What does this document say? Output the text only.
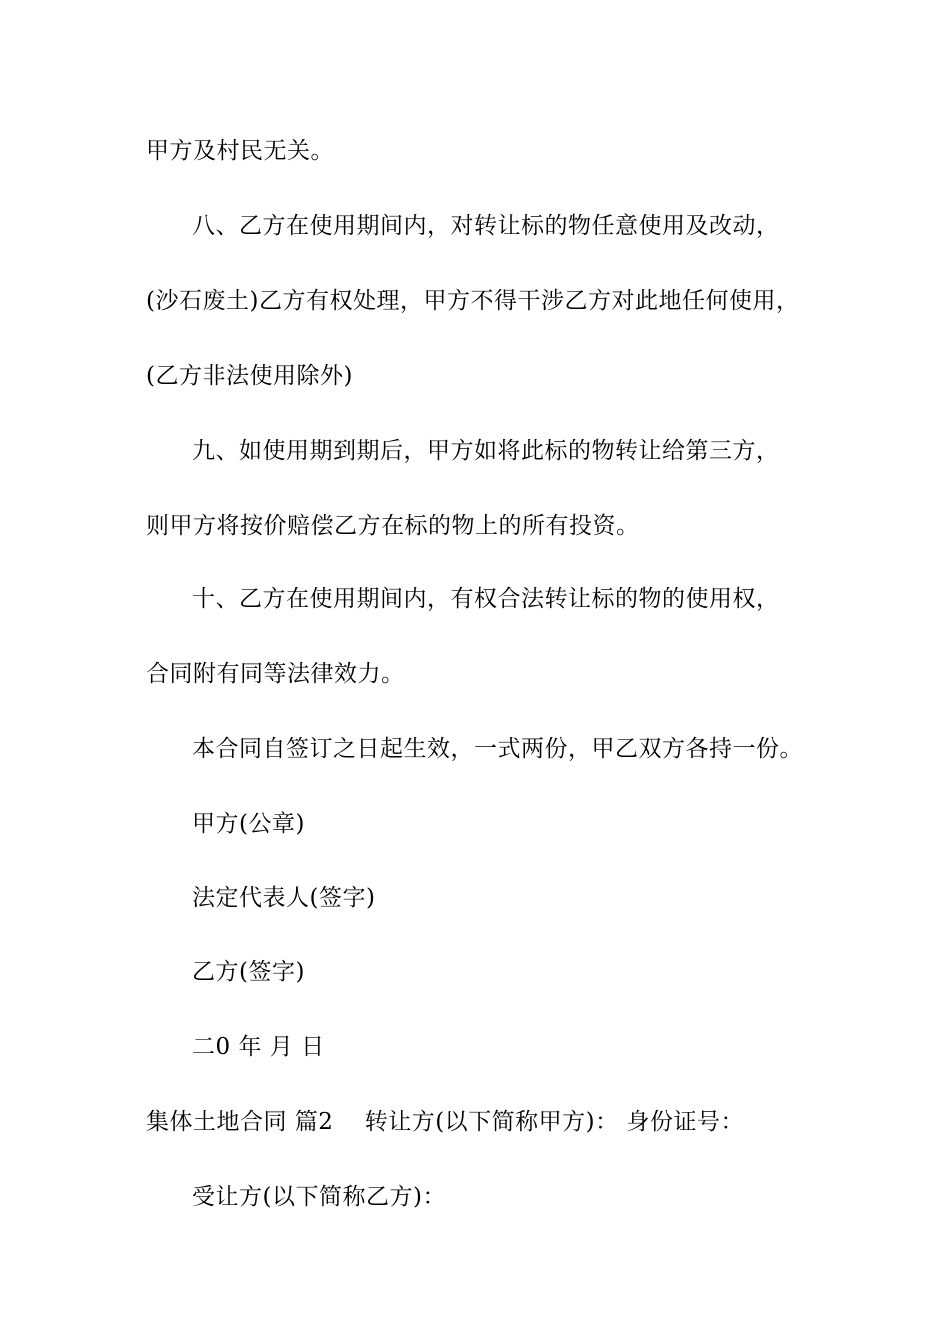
甲方及村民无关。
八、乙方在使用期间内，对转让标的物任意使用及改动，
(沙石废土)乙方有权处理，甲方不得干涉乙方对此地任何使用，
(乙方非法使用除外)
九、如使用期到期后，甲方如将此标的物转让给第三方，
则甲方将按价赔偿乙方在标的物上的所有投资。
十、乙方在使用期间内，有权合法转让标的物的使用权，
合同附有同等法律效力。
本合同自签订之日起生效，一式两份，甲乙双方各持一份。
甲方(公章)
法定代表人(签字)
乙方(签字)
二0 年 月 日
集体土地合同 篇2    转让方(以下简称甲方)： 身份证号：
受让方(以下简称乙方)：
